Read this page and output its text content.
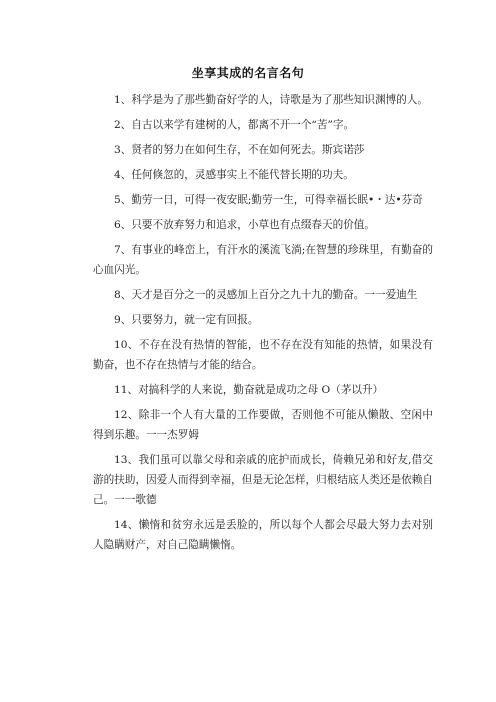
坐享其成的名言名句

1、科学是为了那些勤奋好学的人，诗歌是为了那些知识渊博的人。

2、自古以来学有建树的人，都离不开一个“苦”字。

3、贤者的努力在如何生存，不在如何死去。斯宾诺莎

4、任何倏忽的，灵感事实上不能代替长期的功夫。

5、勤劳一日，可得一夜安眠;勤劳一生，可得幸福长眠•・达•芬奇

6、只要不放弃努力和追求，小草也有点缀春天的价值。

7、有事业的峰峦上，有汗水的溪流飞淌;在智慧的珍珠里，有勤奋的心血闪光。

8、天才是百分之一的灵感加上百分之九十九的勤奋。一一爱迪生

9、只要努力，就一定有回报。

10、不存在没有热情的智能，也不存在没有知能的热情，如果没有勤奋，也不存在热情与才能的结合。

11、对搞科学的人来说，勤奋就是成功之母 O（茅以升）

12、除非一个人有大量的工作要做，否则他不可能从懒散、空闲中得到乐趣。一一杰罗姆

13、我们虽可以靠父母和亲戚的庇护而成长，倚赖兄弟和好友,借交游的扶助，因爱人而得到幸福，但是无论怎样，归根结底人类还是依赖自己。一一歌德

14、懒惰和贫穷永远是丢脸的，所以每个人都会尽最大努力去对别人隐瞒财产，对自己隐瞒懒惰。
